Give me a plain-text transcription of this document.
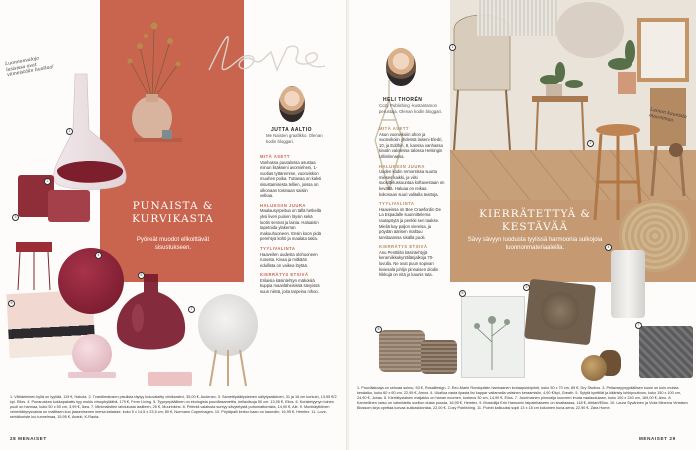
1
2
3
4
5
6
7
Luonnonvaloja lasisissa ovat viimeistään huoltaa!
PUNAISTA & KURVIKASTA
Pyöreät muodot ellkoittävät sisustukseen.
JUTTA AALTIO
Me Naisten graafikko. Olenan kodin bloggari.
MITÄ ASETT
Vanhassa puutalossa asustaa minun lisäkseni avomieheni, 1-vuotias tyttäremme, vuonviskon muuhen poika. Tuttavaa on kaksi sisustamisesta tellien, joissa on ulkonaan toisinaan saisiin velkaa.
HALUKSIIN JUURA
Maalausyrpeitua on tällä hetkellä yksi liveri puinen löysin sekä luotin sennat ja lainia. Haluaisin tapetoida ylakerran makuuhuoneen. Ensin koon pidä perehtyä kohti ja maalata takla.
TYYLIVALINTA
Haaveilen uudesta olohuoneen ruoosta. Kivaa ja mitkään edullista on vaikea löytää.
KIERRÄTYS ETSIVÄ
Erilaisia käsintehtyn mäkoisiä kuppia maanläheisissä sävyissä suun niistä, joita tarpeina nihoo.
1. Vähäeleinen kyllä on tyyliää, 119 €, Hakola. 2. Tvardiimatosen pisulista täytyy kuluvalaitty viinikarahvi, 35,00 €, Audenzo. 3. Samettipäällysteinen säilytysakkinen, 31 ja 16 cm korkuin, 13,95 €/2 kpl. Ellos. 4. Punaruskea kukkapakattu kyy mukis virsupbyläähä, 179 €, Ferm Living. 5. Tyynynpäällinen on ekologisia puuvillasamettia, hellavitsuja 50 cm. 13,95 €, Ellos. 6. Koristetyynyn toinen puoli on harmaa, koko 50 x 50 cm, 3,99 €, Ikea. 7. Minimalistien lahdutusta lasilleen, 25 €, Muurinkirsi. 8. Pelimiä valaisuta suntyy sävytetystä puhumattomista, 14,90 €, Ale. 9. Monikäyttöinen veneriläityrysvaisia on mallttaen kun jaasenisenen ieersa kataiske, koko 5 x 14,5 x 23,5 cm, 80 €, Normann Copenhagen. 10. Pöytäpalli kertoo kaan on kaunotin, 16,95 €, Hemtex. 11. Love-seinäkoriste luo tunnelmaa, 15,95 €, Avanti, K-Rauta.
28 MENAISET
1
2
3
4
5
6
7
Lainon kaunista muunimaa.
KIERRÄTETTYÄ & KESTÄVÄÄ
Sävy sävyyn luodusta tyylissä harmoonia sulkojoia luonnonmateriaaleilla.
HELI THORÉN
Cozy Publishing -kustantamon perustaja. Olenan kodin bloggari.
MITÄ ASETT
Asun vuonvikoiin ahon ja vuonvikoiin yhdessä laiseni Eledri, 10, ja Eddhin, 8, kanssa vanhassa kivalin valotessa talossa Helsingin Ulliinlinnassa.
HALUKSIIN JUURA
Uuden kodin remontissa suurta mieses kaikki, ja vilsi suosittelussuuntaa koftavestaan on kevättä. Haluaa on reikaa kokonaan suuri valitalla teattoja.
TYYLIVALINTA
Haaveissa on Bee Crawfordin De La Espadalle suunnittelema rautapöytä ja penkki sen taakse. Mieliä kay paljon viereisa, ja pöydän äärisen malttuu tarvitaanssa sisällä puoli.
KIERRÄTYS ETSIVÄ
Anu Penttilän käsintehtyjä keramiikkakynttilänjalkoja 70-luvulla. Ne ovat puun sopivan kiviesalä juhlijn pinnaisen diodin hikkujä on nitä jo kaunis tuta.
1. Puuvillakoaja on sekoaa sulmu, 53 €, Rosalllesign. 2. Eeo-Marie Rundquistin harmaanen koriaapukkipönti, koko 50 x 70 cm, 89 €, Dry Studios. 3. Pellavaryynypäällisen kuosi on kuin muista kesäaiko, koko 60 x 60 cm, 22,99 €, Amos. 4. Ukalloa vasta ilpasta lisi kappar valtamalla vatsinen keraamisiin, 4,90 €/kpl, Greath. 5. Sytytä kynttilät ja kääristy lohkipuuttoon, koko 150 x 100 cm, 24,90 €, Jonas. 6. Kierrätyslaisen maljakko on hanan nuomen, korkeus 30 cm, 14,90 €, Ellos. 7. Juurimainen pinnoaija kuuneen imuta vaalaudutaan, koko 100 x 240 cm, 169,00 €, Ainu. 8. Kannellinen vaisu on valmistettu sorillon dusta puusta, 16,95 €, Hemtex. 9. Mustolilja Erin Hansonin taipaleilaiseen on sivaitaassa, 118 €, Artilart/Ellos. 10. Laura Syvärinen ja Viola Minerva Virtaisen Blossom kirja opettaa luovaa kukkasidontaa, 22,00 €, Cozy Publishing. 11. Puinin kalkuuksi sopii 13 x 18 cm kokoinen kuva-sena, 22,90 €, Zara Home.
MENAISET 29
